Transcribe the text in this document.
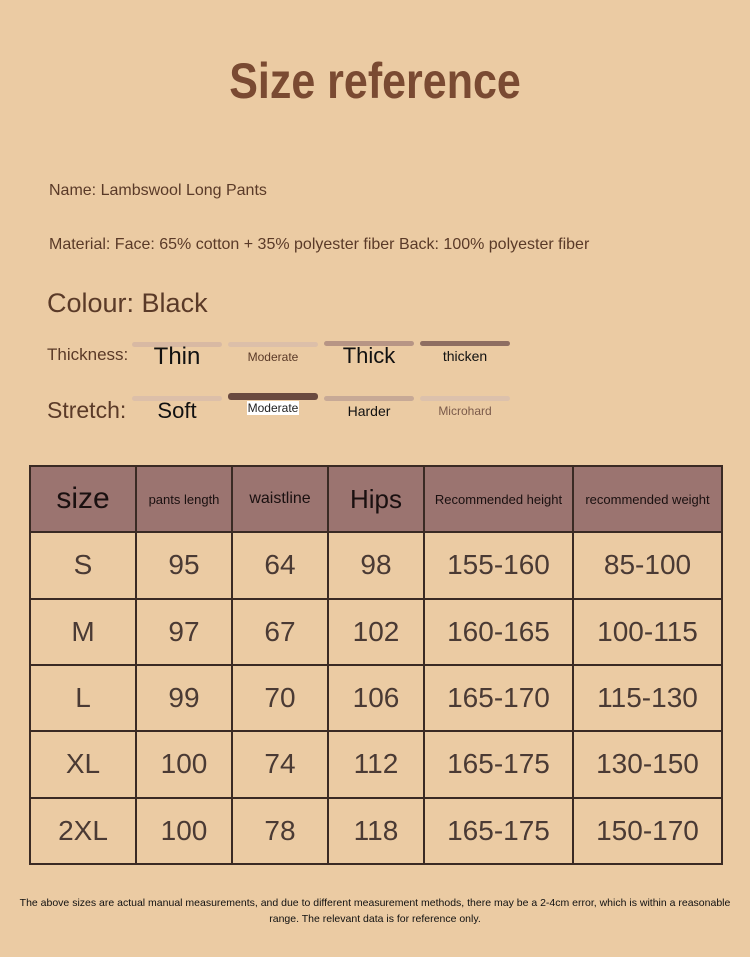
Size reference
Name: Lambswool Long Pants
Material: Face: 65% cotton + 35% polyester fiber Back: 100% polyester fiber
Colour: Black
Thickness:	Thin	Moderate	Thick	thicken
Stretch:	Soft	Moderate	Harder	Microhard
size	pants length	waistline	Hips	Recommended height	recommended weight
S	95	64	98	155-160	85-100
M	97	67	102	160-165	100-115
L	99	70	106	165-170	115-130
XL	100	74	112	165-175	130-150
2XL	100	78	118	165-175	150-170
The above sizes are actual manual measurements, and due to different measurement methods, there may be a 2-4cm error, which is within a reasonable range. The relevant data is for reference only.
